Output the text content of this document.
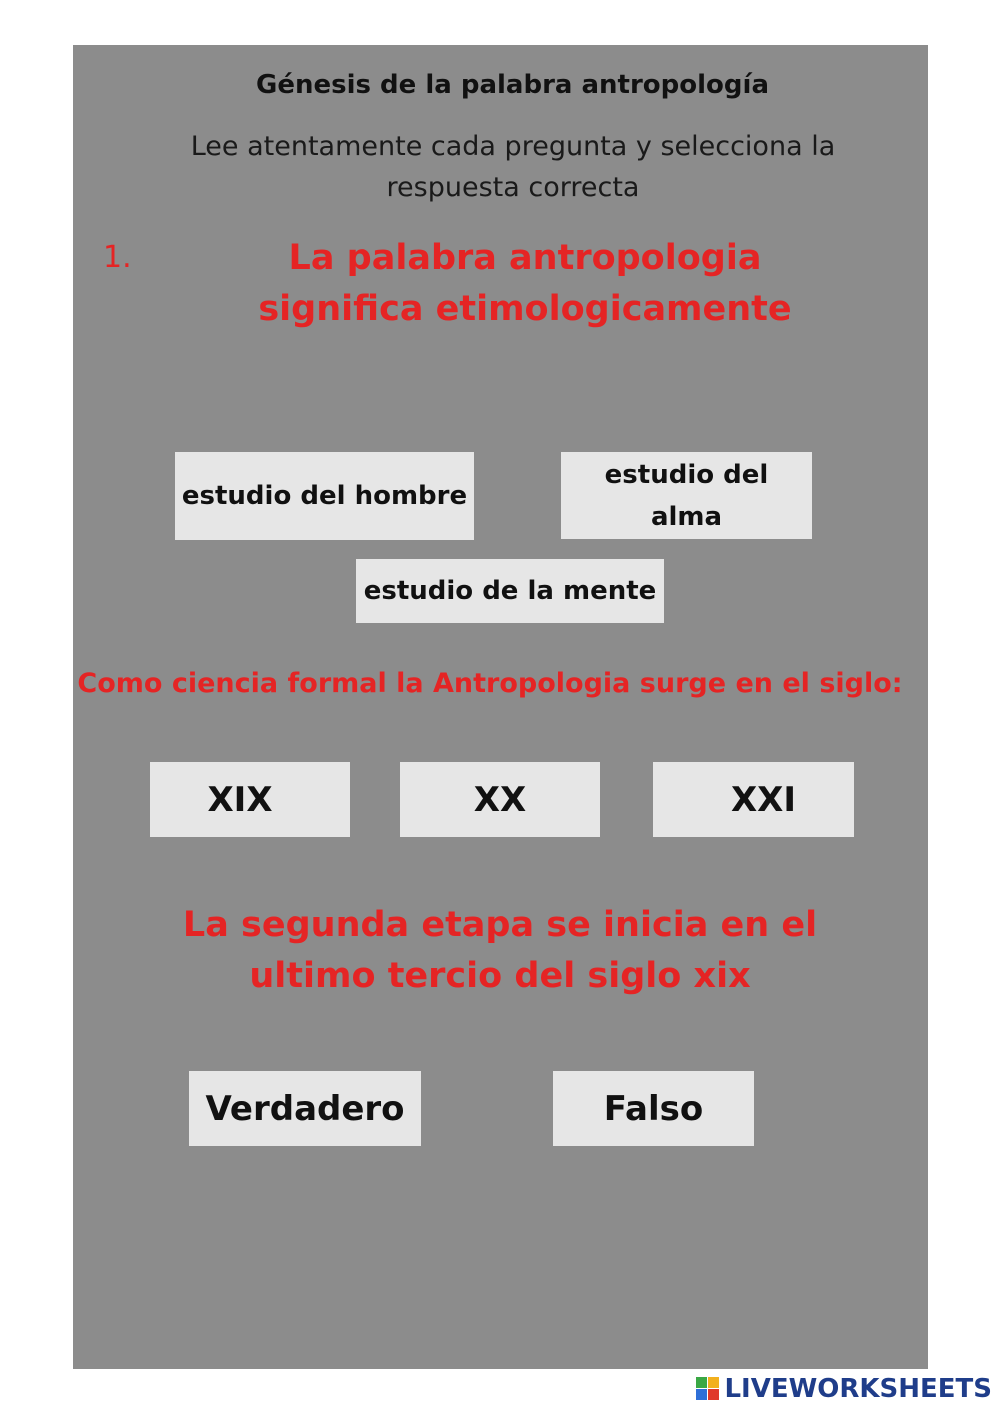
Génesis de la palabra antropología
Lee atentamente cada pregunta y selecciona la respuesta correcta
1.	La palabra antropologia significa etimologicamente
estudio del hombre
estudio del alma
estudio de la mente
Como ciencia formal la Antropologia surge en el siglo:
XIX	XX	XXI
La segunda etapa se inicia en el ultimo tercio del siglo xix
Verdadero	Falso
LIVEWORKSHEETS
